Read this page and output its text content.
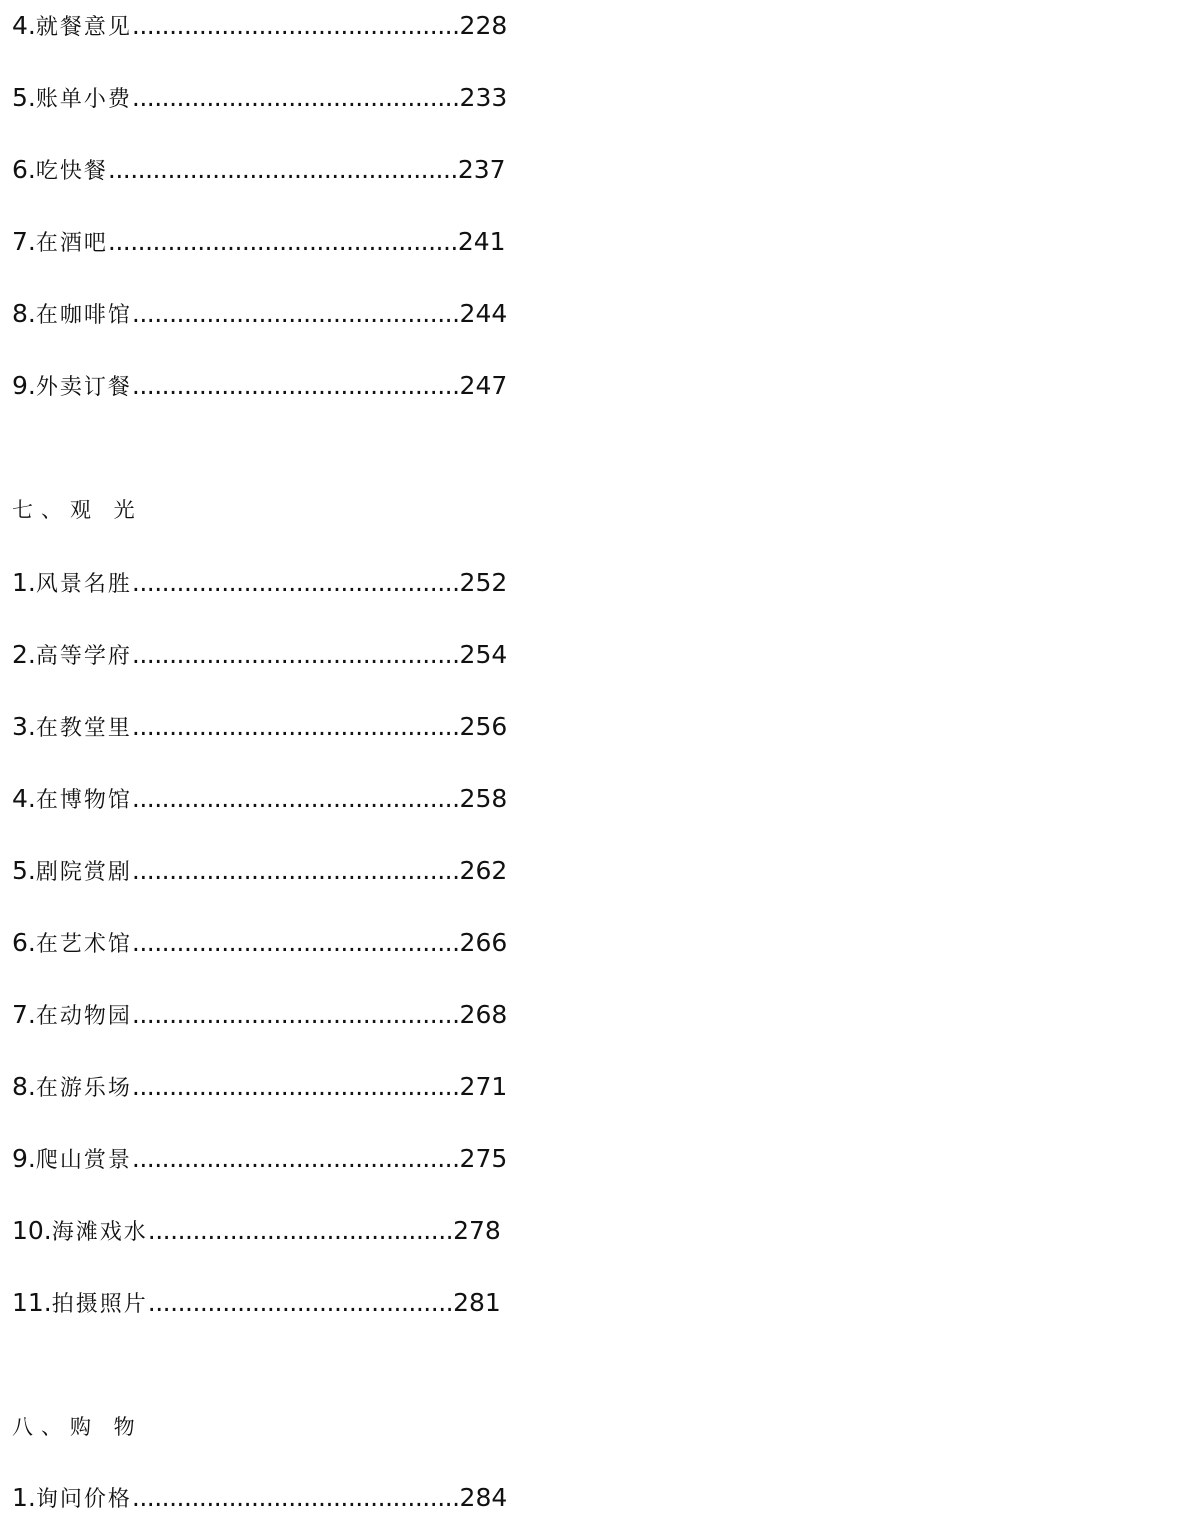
4.就餐意见............................................228
5.账单小费............................................233
6.吃快餐...............................................237
7.在酒吧...............................................241
8.在咖啡馆............................................244
9.外卖订餐............................................247
七、观 光
1.风景名胜............................................252
2.高等学府............................................254
3.在教堂里............................................256
4.在博物馆............................................258
5.剧院赏剧............................................262
6.在艺术馆............................................266
7.在动物园............................................268
8.在游乐场............................................271
9.爬山赏景............................................275
10.海滩戏水.........................................278
11.拍摄照片.........................................281
八、购 物
1.询问价格............................................284
